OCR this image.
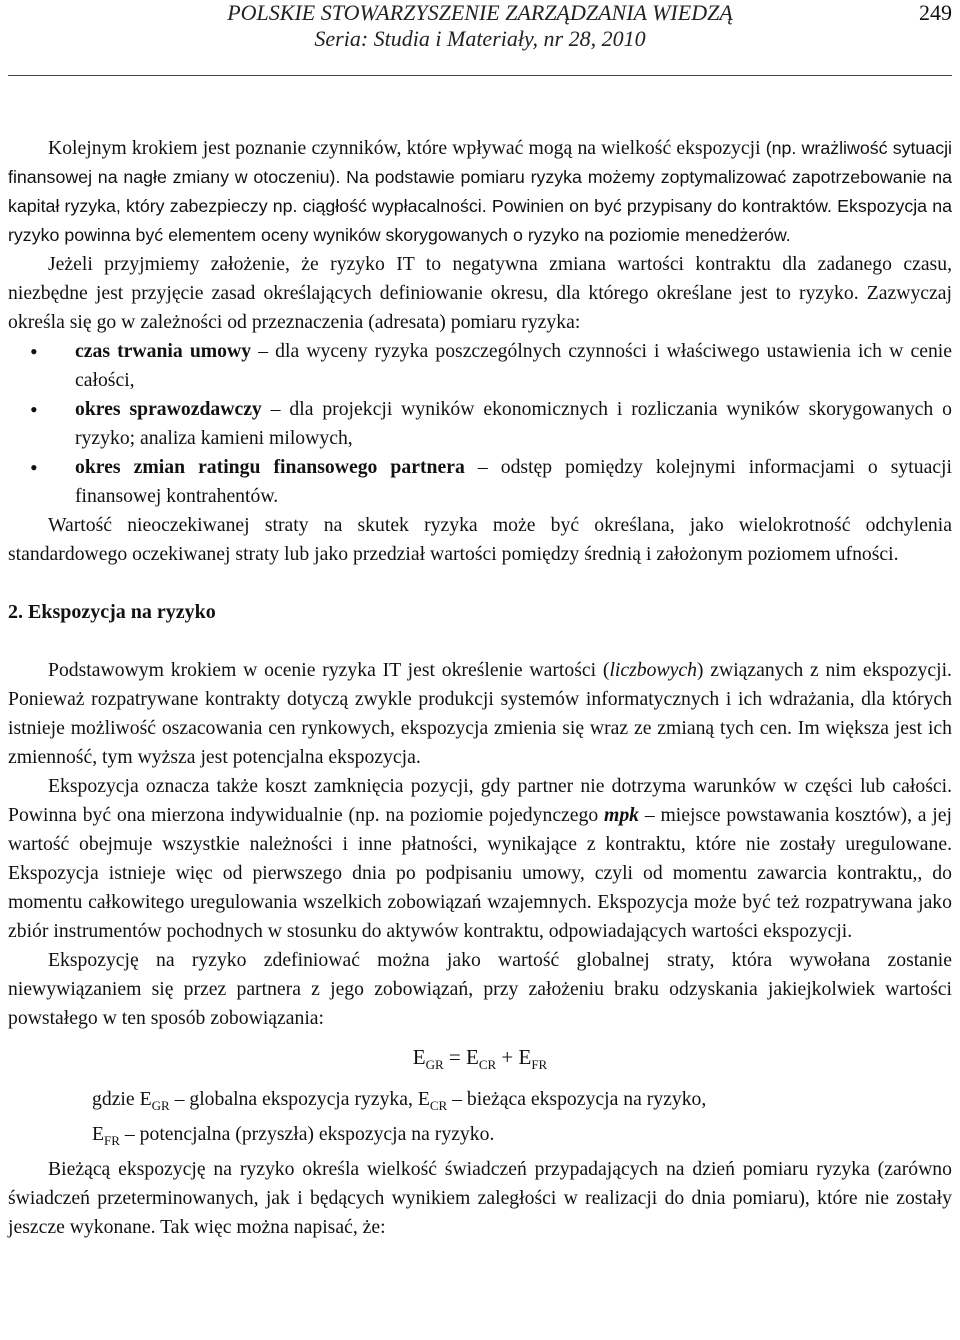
POLSKIE STOWARZYSZENIE ZARZĄDZANIA WIEDZĄ
Seria: Studia i Materiały, nr 28, 2010
249

Kolejnym krokiem jest poznanie czynników, które wpływać mogą na wielkość ekspozycji (np. wrażliwość sytuacji finansowej na nagłe zmiany w otoczeniu). Na podstawie pomiaru ryzyka możemy zoptymalizować zapotrzebowanie na kapitał ryzyka, który zabezpieczy np. ciągłość wypłacalności. Powinien on być przypisany do kontraktów. Ekspozycja na ryzyko powinna być elementem oceny wyników skorygowanych o ryzyko na poziomie menedżerów.

Jeżeli przyjmiemy założenie, że ryzyko IT to negatywna zmiana wartości kontraktu dla zadanego czasu, niezbędne jest przyjęcie zasad określających definiowanie okresu, dla którego określane jest to ryzyko. Zazwyczaj określa się go w zależności od przeznaczenia (adresata) pomiaru ryzyka:

• czas trwania umowy – dla wyceny ryzyka poszczególnych czynności i właściwego ustawienia ich w cenie całości,
• okres sprawozdawczy – dla projekcji wyników ekonomicznych i rozliczania wyników skorygowanych o ryzyko; analiza kamieni milowych,
• okres zmian ratingu finansowego partnera – odstęp pomiędzy kolejnymi informacjami o sytuacji finansowej kontrahentów.

Wartość nieoczekiwanej straty na skutek ryzyka może być określana, jako wielokrotność odchylenia standardowego oczekiwanej straty lub jako przedział wartości pomiędzy średnią i założonym poziomem ufności.

2. Ekspozycja na ryzyko

Podstawowym krokiem w ocenie ryzyka IT jest określenie wartości (liczbowych) związanych z nim ekspozycji. Ponieważ rozpatrywane kontrakty dotyczą zwykle produkcji systemów informatycznych i ich wdrażania, dla których istnieje możliwość oszacowania cen rynkowych, ekspozycja zmienia się wraz ze zmianą tych cen. Im większa jest ich zmienność, tym wyższa jest potencjalna ekspozycja.

Ekspozycja oznacza także koszt zamknięcia pozycji, gdy partner nie dotrzyma warunków w części lub całości. Powinna być ona mierzona indywidualnie (np. na poziomie pojedynczego mpk – miejsce powstawania kosztów), a jej wartość obejmuje wszystkie należności i inne płatności, wynikające z kontraktu, które nie zostały uregulowane. Ekspozycja istnieje więc od pierwszego dnia po podpisaniu umowy, czyli od momentu zawarcia kontraktu,, do momentu całkowitego uregulowania wszelkich zobowiązań wzajemnych. Ekspozycja może być też rozpatrywana jako zbiór instrumentów pochodnych w stosunku do aktywów kontraktu, odpowiadających wartości ekspozycji.

Ekspozycję na ryzyko zdefiniować można jako wartość globalnej straty, która wywołana zostanie niewywiązaniem się przez partnera z jego zobowiązań, przy założeniu braku odzyskania jakiejkolwiek wartości powstałego w ten sposób zobowiązania:

$E_{GR} = E_{CR} + E_{FR}$
gdzie $E_{GR}$ – globalna ekspozycja ryzyka, $E_{CR}$ – bieżąca ekspozycja na ryzyko,
$E_{FR}$ – potencjalna (przyszła) ekspozycja na ryzyko.

Bieżącą ekspozycję na ryzyko określa wielkość świadczeń przypadających na dzień pomiaru ryzyka (zarówno świadczeń przeterminowanych, jak i będących wynikiem zaległości w realizacji do dnia pomiaru), które nie zostały jeszcze wykonane. Tak więc można napisać, że:
